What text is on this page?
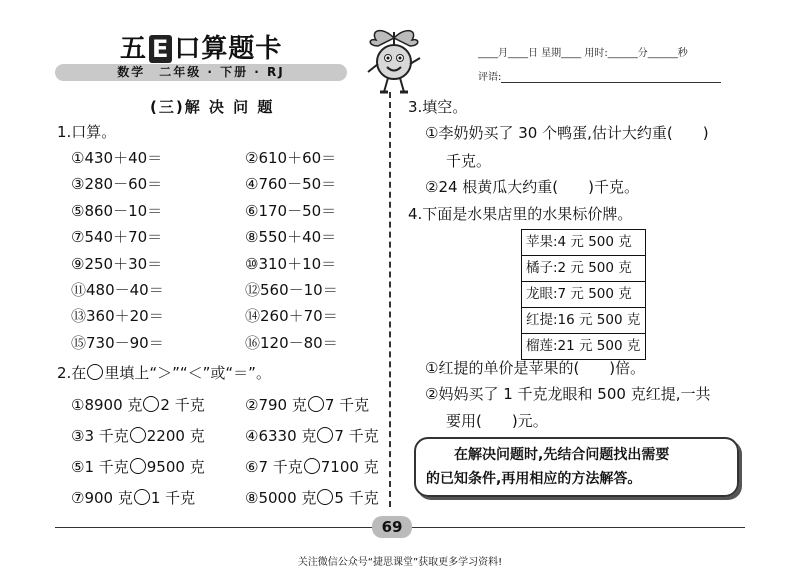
五 E 口算题卡
数学　二年级 · 下册 · RJ
____月____日 星期____ 用时:______分______秒
评语:
(三)解 决 问 题
1.口算。
①430＋40＝	②610＋60＝
③280－60＝	④760－50＝
⑤860－10＝	⑥170－50＝
⑦540＋70＝	⑧550＋40＝
⑨250＋30＝	⑩310＋10＝
⑪480－40＝	⑫560－10＝
⑬360＋20＝	⑭260＋70＝
⑮730－90＝	⑯120－80＝
2.在 里填上“＞”“＜”或“＝”。
①8900 克 2 千克	②790 克 7 千克
③3 千克 2200 克	④6330 克 7 千克
⑤1 千克 9500 克	⑥7 千克 7100 克
⑦900 克 1 千克	⑧5000 克 5 千克
3.填空。
①李奶奶买了 30 个鸭蛋,估计大约重(　　)
千克。
②24 根黄瓜大约重(　　)千克。
4.下面是水果店里的水果标价牌。
苹果:4 元 500 克
橘子:2 元 500 克
龙眼:7 元 500 克
红提:16 元 500 克
榴莲:21 元 500 克
①红提的单价是苹果的(　　)倍。
②妈妈买了 1 千克龙眼和 500 克红提,一共
要用(　　)元。
　　在解决问题时,先结合问题找出需要
的已知条件,再用相应的方法解答。
69
关注微信公众号“捷思课堂”获取更多学习资料!
